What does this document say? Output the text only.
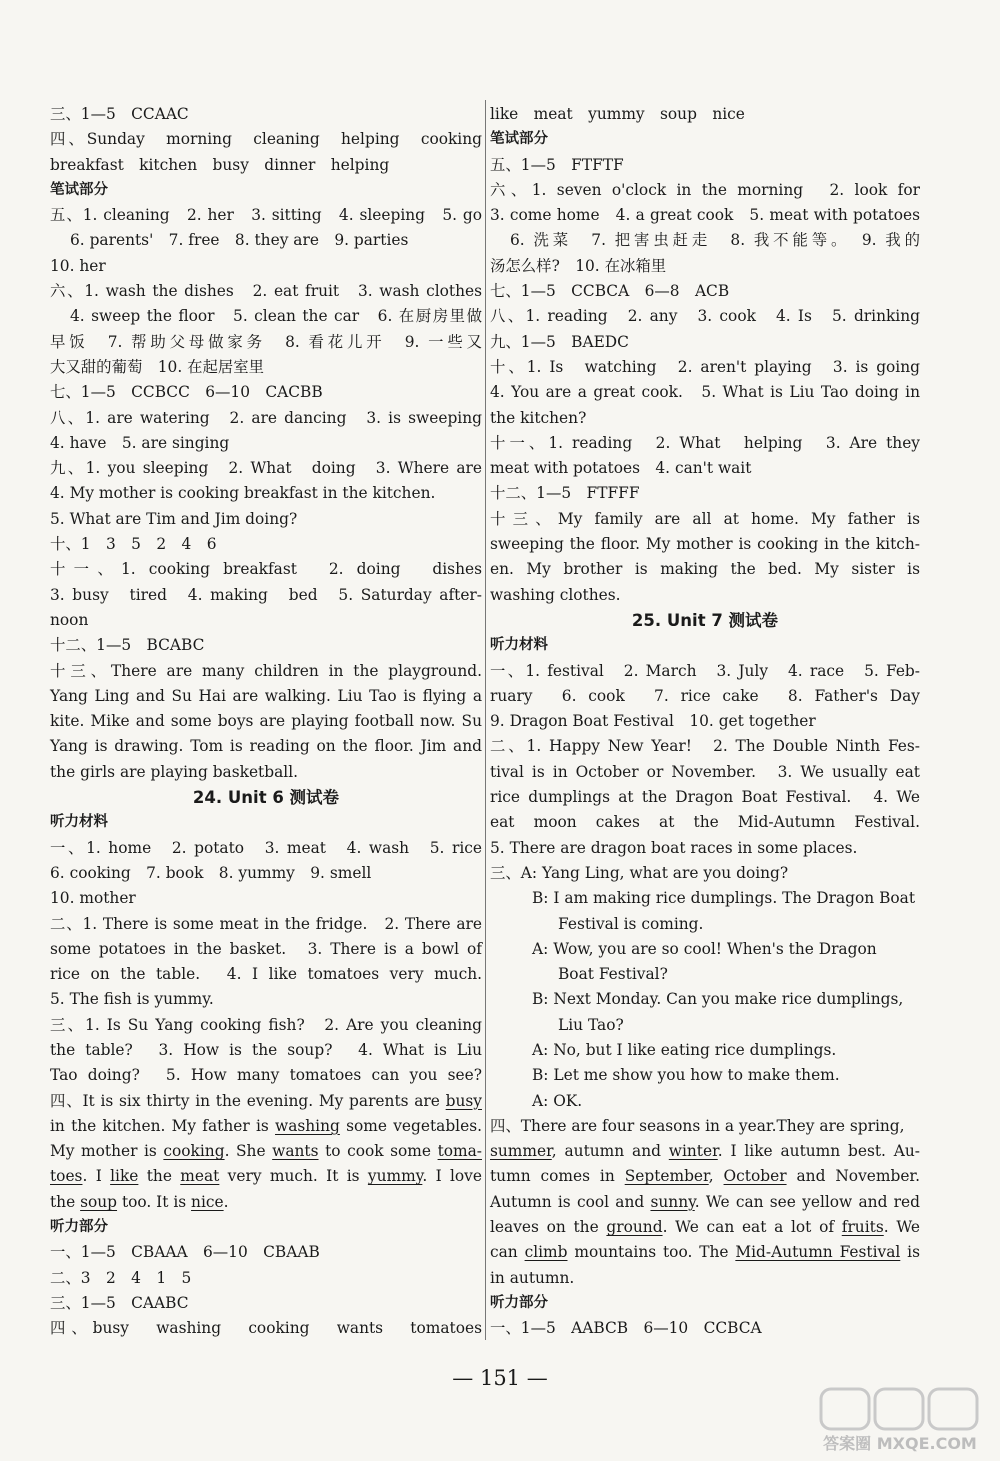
三、1—5　CCAAC
四、Sunday　morning　cleaning　helping　cooking
breakfast　kitchen　busy　dinner　helping
笔试部分
五、1. cleaning　2. her　3. sitting　4. sleeping　5. go
6. parents'　7. free　8. they are　9. parties
10. her
六、1. wash the dishes　2. eat fruit　3. wash clothes
4. sweep the floor　5. clean the car　6. 在厨房里做
早饭　7. 帮助父母做家务　8. 看花儿开　9. 一些又
大又甜的葡萄　10. 在起居室里
七、1—5　CCBCC　6—10　CACBB
八、1. are watering　2. are dancing　3. is sweeping
4. have　5. are singing
九、1. you sleeping　2. What　doing　3. Where are
4. My mother is cooking breakfast in the kitchen.
5. What are Tim and Jim doing?
十、1　3　5　2　4　6
十一、1. cooking breakfast　2. doing　dishes
3. busy　tired　4. making　bed　5. Saturday after-
noon
十二、1—5　BCABC
十三、There are many children in the playground.
Yang Ling and Su Hai are walking. Liu Tao is flying a
kite. Mike and some boys are playing football now. Su
Yang is drawing. Tom is reading on the floor. Jim and
the girls are playing basketball.
24. Unit 6 测试卷
听力材料
一、1. home　2. potato　3. meat　4. wash　5. rice
6. cooking　7. book　8. yummy　9. smell
10. mother
二、1. There is some meat in the fridge.　2. There are
some potatoes in the basket.　3. There is a bowl of
rice on the table.　4. I like tomatoes very much.
5. The fish is yummy.
三、1. Is Su Yang cooking fish?　2. Are you cleaning
the table?　3. How is the soup?　4. What is Liu
Tao doing?　5. How many tomatoes can you see?
四、It is six thirty in the evening. My parents are busy
in the kitchen. My father is washing some vegetables.
My mother is cooking. She wants to cook some toma-
toes. I like the meat very much. It is yummy. I love
the soup too. It is nice.
听力部分
一、1—5　CBAAA　6—10　CBAAB
二、3　2　4　1　5
三、1—5　CAABC
四、busy　washing　cooking　wants　tomatoes
like　meat　yummy　soup　nice
笔试部分
五、1—5　FTFTF
六、1. seven o'clock in the morning　2. look for
3. come home　4. a great cook　5. meat with potatoes
6. 洗菜　7. 把害虫赶走　8. 我不能等。　9. 我的
汤怎么样?　10. 在冰箱里
七、1—5　CCBCA　6—8　ACB
八、1. reading　2. any　3. cook　4. Is　5. drinking
九、1—5　BAEDC
十、1. Is　watching　2. aren't playing　3. is going
4. You are a great cook.　5. What is Liu Tao doing in
the kitchen?
十一、1. reading　2. What　helping　3. Are they
meat with potatoes　4. can't wait
十二、1—5　FTFFF
十三、My family are all at home. My father is
sweeping the floor. My mother is cooking in the kitch-
en. My brother is making the bed. My sister is
washing clothes.
25. Unit 7 测试卷
听力材料
一、1. festival　2. March　3. July　4. race　5. Feb-
ruary　6. cook　7. rice cake　8. Father's Day
9. Dragon Boat Festival　10. get together
二、1. Happy New Year!　2. The Double Ninth Fes-
tival is in October or November.　3. We usually eat
rice dumplings at the Dragon Boat Festival.　4. We
eat moon cakes at the Mid-Autumn Festival.
5. There are dragon boat races in some places.
三、A: Yang Ling, what are you doing?
B: I am making rice dumplings. The Dragon Boat
Festival is coming.
A: Wow, you are so cool! When's the Dragon
Boat Festival?
B: Next Monday. Can you make rice dumplings,
Liu Tao?
A: No, but I like eating rice dumplings.
B: Let me show you how to make them.
A: OK.
四、There are four seasons in a year.They are spring,
summer, autumn and winter. I like autumn best. Au-
tumn comes in September, October and November.
Autumn is cool and sunny. We can see yellow and red
leaves on the ground. We can eat a lot of fruits. We
can climb mountains too. The Mid-Autumn Festival is
in autumn.
听力部分
一、1—5　AABCB　6—10　CCBCA
— 151 —
答案圈 MXQE.COM
